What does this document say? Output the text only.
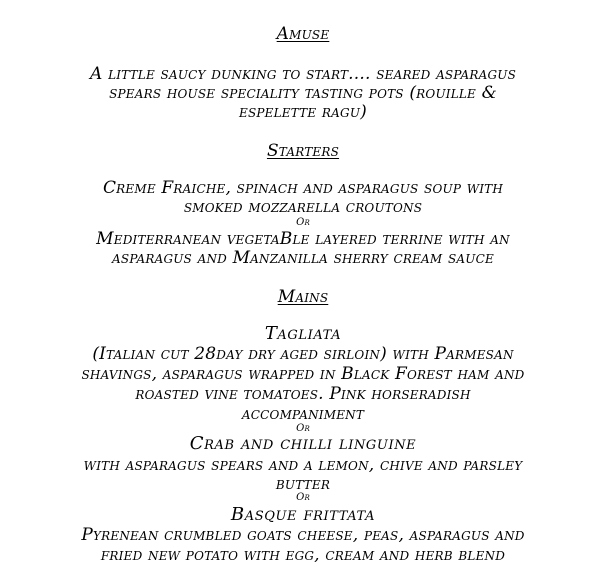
Amuse
A little saucy dunking to start.... seared asparagus
spears house speciality tasting pots (rouille &
espelette ragu)
Starters
Creme Fraiche, spinach and asparagus soup with
smoked mozzarella croutons
Or
Mediterranean vegetaBle layered terrine with an
asparagus and Manzanilla sherry cream sauce
Mains
Tagliata
(Italian cut 28day dry aged sirloin) with Parmesan
shavings, asparagus wrapped in Black Forest ham and
roasted vine tomatoes. Pink horseradish
accompaniment
Or
Crab and chilli linguine
with asparagus spears and a lemon, chive and parsley
butter
Or
Basque frittata
Pyrenean crumbled goats cheese, peas, asparagus and
fried new potato with egg, cream and herb blend
